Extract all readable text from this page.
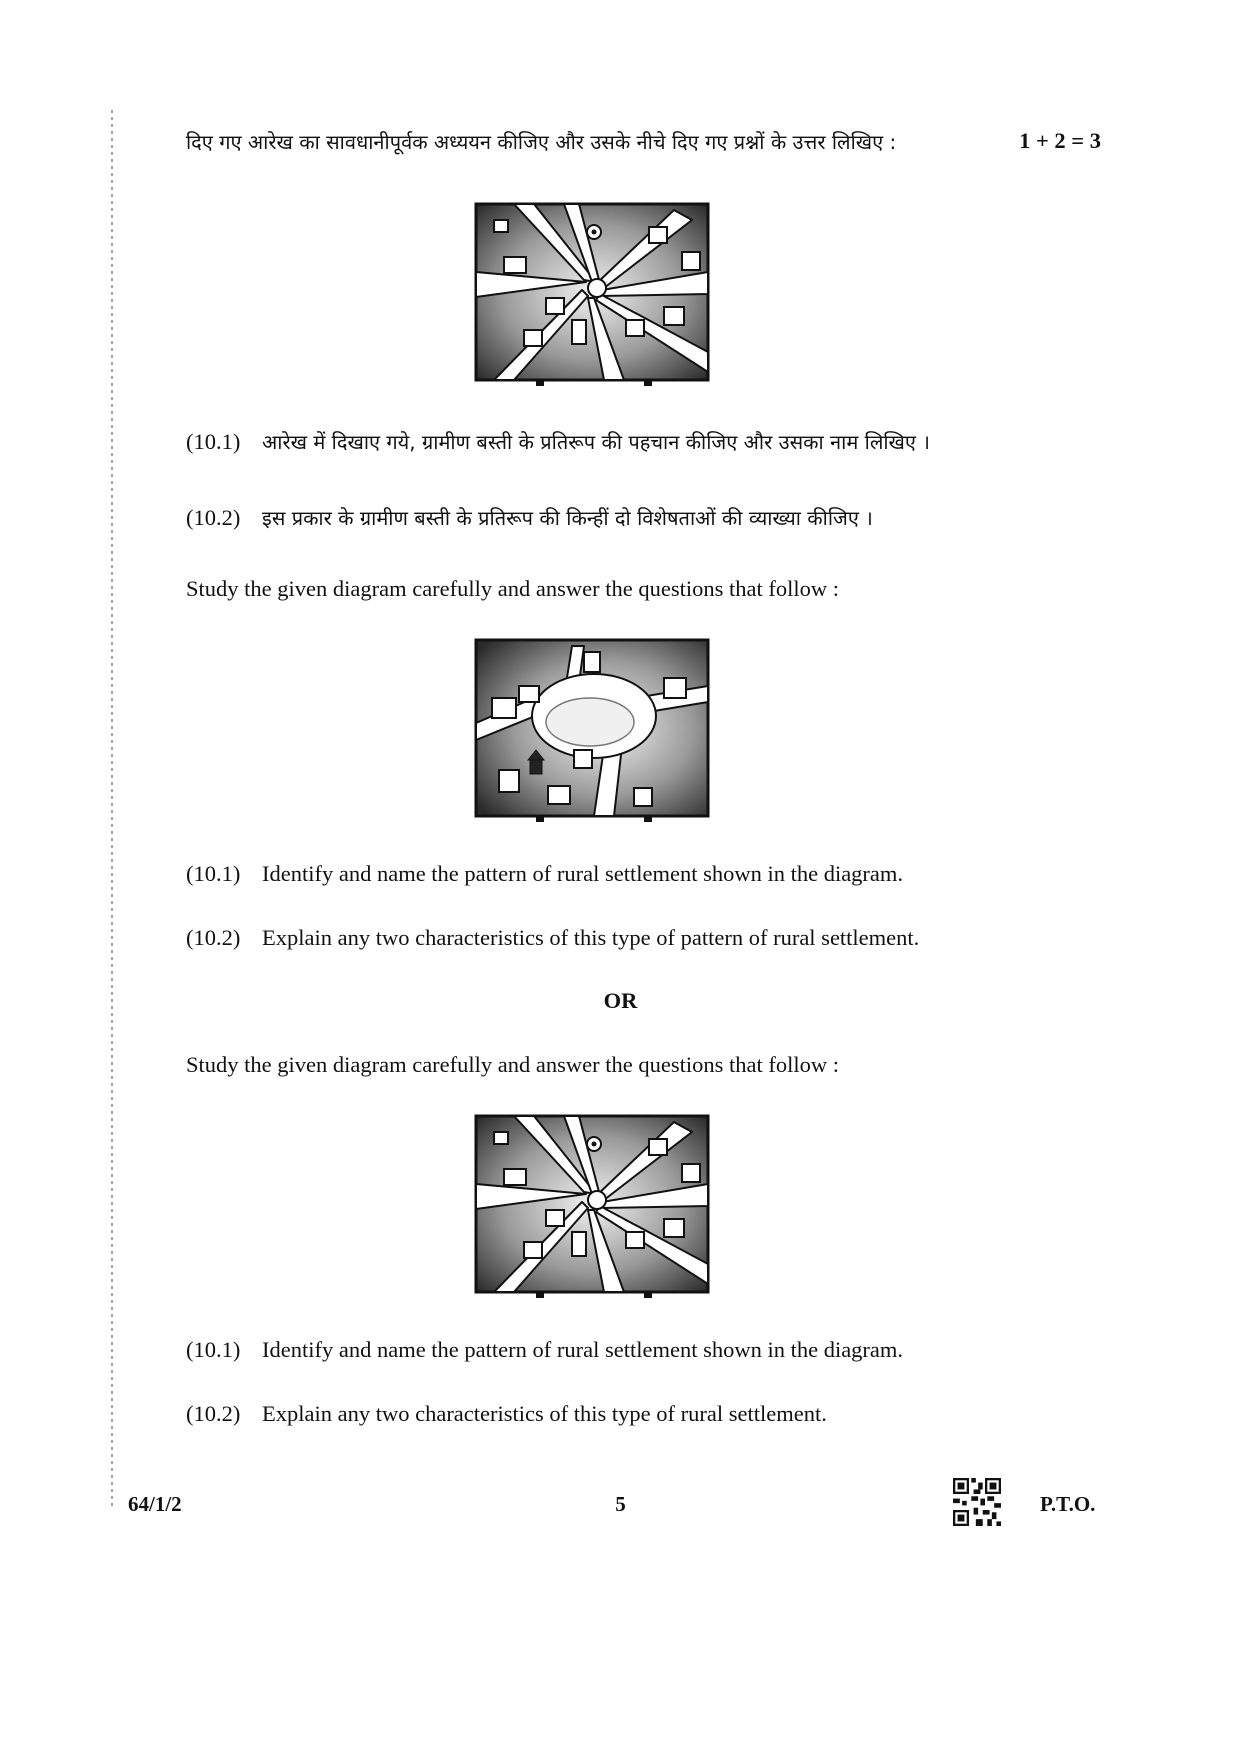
दिए गए आरेख का सावधानीपूर्वक अध्ययन कीजिए और उसके नीचे दिए गए प्रश्नों के उत्तर लिखिए :	1 + 2 = 3
(10.1) आरेख में दिखाए गये, ग्रामीण बस्ती के प्रतिरूप की पहचान कीजिए और उसका नाम लिखिए ।
(10.2) इस प्रकार के ग्रामीण बस्ती के प्रतिरूप की किन्हीं दो विशेषताओं की व्याख्या कीजिए ।
Study the given diagram carefully and answer the questions that follow :
(10.1) Identify and name the pattern of rural settlement shown in the diagram.
(10.2) Explain any two characteristics of this type of pattern of rural settlement.
OR
Study the given diagram carefully and answer the questions that follow :
(10.1) Identify and name the pattern of rural settlement shown in the diagram.
(10.2) Explain any two characteristics of this type of rural settlement.
64/1/2	5	P.T.O.
